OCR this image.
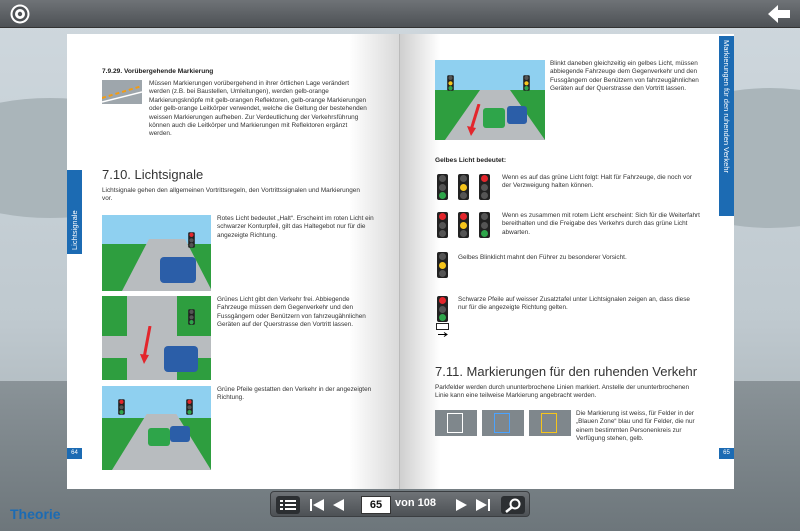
Lichtsignale
64
7.9.29. Vorübergehende Markierung
Müssen Markierungen vorübergehend in ihrer örtlichen Lage verändert werden (z.B. bei Baustellen, Umleitungen), werden gelb-orange Markierungsknöpfe mit gelb-orangen Reflektoren, gelb-orange Markierungen oder gelb-orange Leitkörper verwendet, welche die Geltung der bestehenden weissen Markierungen aufheben. Zur Verdeutlichung der Verkehrsführung können auch die Leitkörper und Markierungen mit Reflektoren ergänzt werden.
7.10. Lichtsignale
Lichtsignale gehen den allgemeinen Vortrittsregeln, den Vortrittssignalen und Markierungen vor.
Rotes Licht bedeutet „Halt“. Erscheint im roten Licht ein schwarzer Konturpfeil, gilt das Haltegebot nur für die angezeigte Richtung.
Grünes Licht gibt den Verkehr frei. Abbiegende Fahrzeuge müssen dem Gegenverkehr und den Fussgängern oder Benützern von fahrzeugähnlichen Geräten auf der Querstrasse den Vortritt lassen.
Grüne Pfeile gestatten den Verkehr in der angezeigten Richtung.
Markierungen für den ruhenden Verkehr
65
Blinkt daneben gleichzeitig ein gelbes Licht, müssen abbiegende Fahrzeuge dem Gegenverkehr und den Fussgängern oder Benützern von fahrzeugähnlichen Geräten auf der Querstrasse den Vortritt lassen.
Gelbes Licht bedeutet:
Wenn es auf das grüne Licht folgt: Halt für Fahrzeuge, die noch vor der Verzweigung halten können.
Wenn es zusammen mit rotem Licht erscheint: Sich für die Weiterfahrt bereithalten und die Freigabe des Verkehrs durch das grüne Licht abwarten.
Gelbes Blinklicht mahnt den Führer zu besonderer Vorsicht.
Schwarze Pfeile auf weisser Zusatztafel unter Lichtsignalen zeigen an, dass diese nur für die angezeigte Richtung gelten.
7.11. Markierungen für den ruhenden Verkehr
Parkfelder werden durch ununterbrochene Linien markiert. Anstelle der ununterbrochenen Linie kann eine teilweise Markierung angebracht werden.
Die Markierung ist weiss, für Felder in der „Blauen Zone“ blau und für Felder, die nur einem bestimmten Personenkreis zur Verfügung stehen, gelb.
65	von 108
Theorie
